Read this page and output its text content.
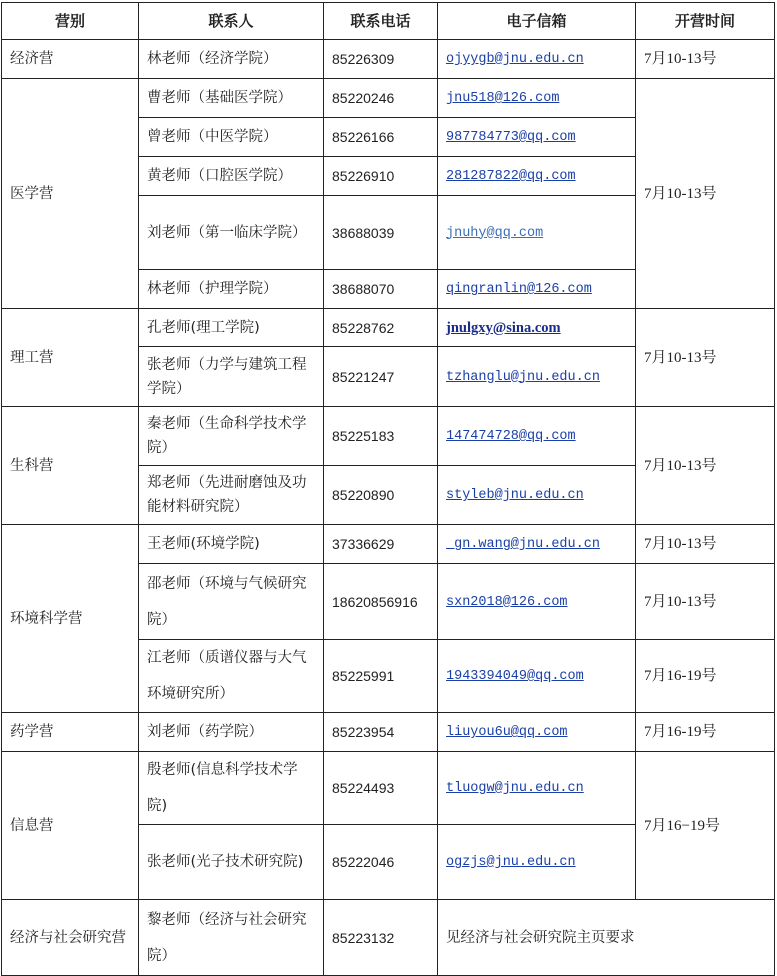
营别	联系人	联系电话	电子信箱	开营时间
经济营	林老师（经济学院）	85226309	ojyygb@jnu.edu.cn	7月10-13号
医学营	曹老师（基础医学院）	85220246	jnu518@126.com	7月10-13号
	曾老师（中医学院）	85226166	987784773@qq.com	
	黄老师（口腔医学院）	85226910	281287822@qq.com	
	刘老师（第一临床学院）	38688039	jnuhy@qq.com	
	林老师（护理学院）	38688070	qingranlin@126.com	
理工营	孔老师(理工学院)	85228762	jnulgxy@sina.com	7月10-13号
	张老师（力学与建筑工程学院）	85221247	tzhanglu@jnu.edu.cn	
生科营	秦老师（生命科学技术学院）	85225183	147474728@qq.com	7月10-13号
	郑老师（先进耐磨蚀及功能材料研究院）	85220890	styleb@jnu.edu.cn	
环境科学营	王老师(环境学院)	37336629	gn.wang@jnu.edu.cn	7月10-13号
	邵老师（环境与气候研究院）	18620856916	sxn2018@126.com	7月10-13号
	江老师（质谱仪器与大气环境研究所）	85225991	1943394049@qq.com	7月16-19号
药学营	刘老师（药学院）	85223954	liuyou6u@qq.com	7月16-19号
信息营	殷老师(信息科学技术学院)	85224493	tluogw@jnu.edu.cn	7月16−19号
	张老师(光子技术研究院)	85222046	ogzjs@jnu.edu.cn	
经济与社会研究营	黎老师（经济与社会研究院）	85223132	见经济与社会研究院主页要求	
